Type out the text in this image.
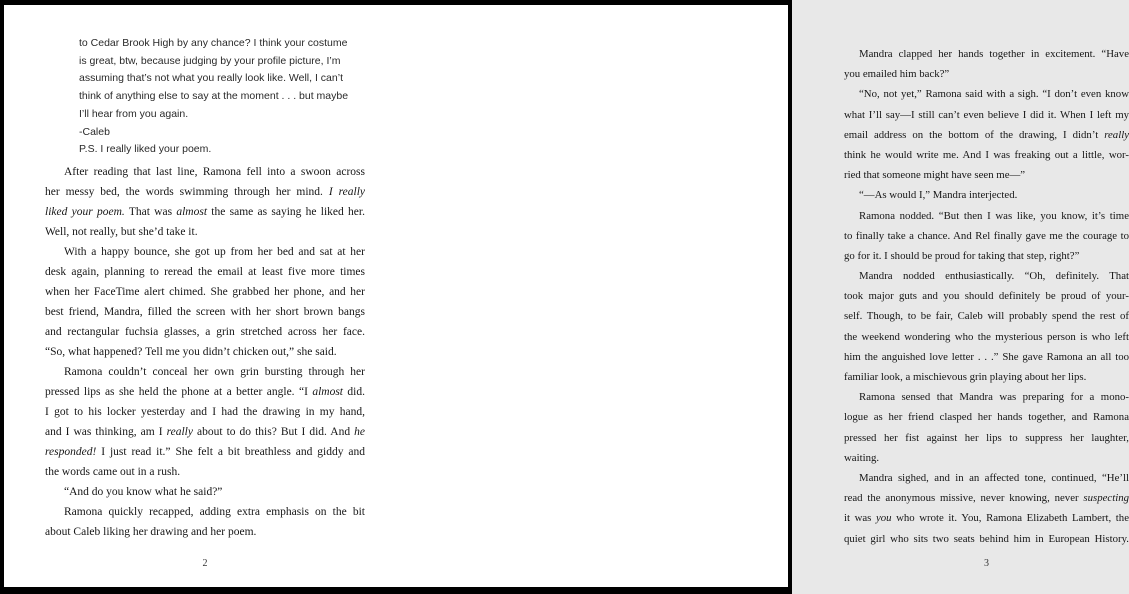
to Cedar Brook High by any chance? I think your costume
is great, btw, because judging by your profile picture, I’m
assuming that’s not what you really look like. Well, I can’t
think of anything else to say at the moment . . . but maybe
I’ll hear from you again.
-Caleb
P.S. I really liked your poem.
After reading that last line, Ramona fell into a swoon across
her messy bed, the words swimming through her mind. I really
liked your poem. That was almost the same as saying he liked her.
Well, not really, but she’d take it.
With a happy bounce, she got up from her bed and sat at her
desk again, planning to reread the email at least five more times
when her FaceTime alert chimed. She grabbed her phone, and her
best friend, Mandra, filled the screen with her short brown bangs
and rectangular fuchsia glasses, a grin stretched across her face.
“So, what happened? Tell me you didn’t chicken out,” she said.
Ramona couldn’t conceal her own grin bursting through her
pressed lips as she held the phone at a better angle. “I almost did.
I got to his locker yesterday and I had the drawing in my hand,
and I was thinking, am I really about to do this? But I did. And he
responded! I just read it.” She felt a bit breathless and giddy and
the words came out in a rush.
“And do you know what he said?”
Ramona quickly recapped, adding extra emphasis on the bit
about Caleb liking her drawing and her poem.
2
Mandra clapped her hands together in excitement. “Have
you emailed him back?”
“No, not yet,” Ramona said with a sigh. “I don’t even know
what I’ll say—I still can’t even believe I did it. When I left my
email address on the bottom of the drawing, I didn’t really
think he would write me. And I was freaking out a little, wor-
ried that someone might have seen me—”
“—As would I,” Mandra interjected.
Ramona nodded. “But then I was like, you know, it’s time
to finally take a chance. And Rel finally gave me the courage to
go for it. I should be proud for taking that step, right?”
Mandra nodded enthusiastically. “Oh, definitely. That
took major guts and you should definitely be proud of your-
self. Though, to be fair, Caleb will probably spend the rest of
the weekend wondering who the mysterious person is who left
him the anguished love letter . . .” She gave Ramona an all too
familiar look, a mischievous grin playing about her lips.
Ramona sensed that Mandra was preparing for a mono-
logue as her friend clasped her hands together, and Ramona
pressed her fist against her lips to suppress her laughter,
waiting.
Mandra sighed, and in an affected tone, continued, “He’ll
read the anonymous missive, never knowing, never suspecting
it was you who wrote it. You, Ramona Elizabeth Lambert, the
quiet girl who sits two seats behind him in European History.
3
